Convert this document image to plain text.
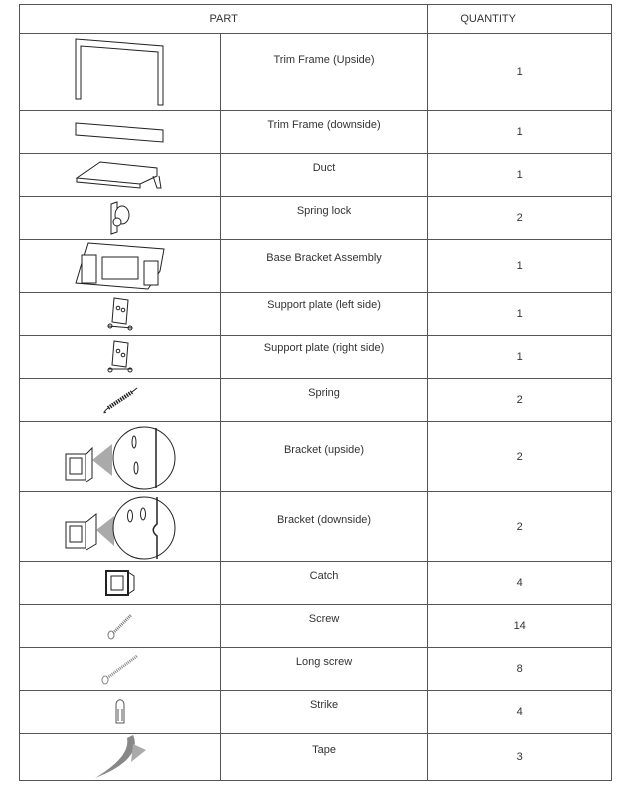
PART		QUANTITY

	Trim Frame (Upside)	1

	Trim Frame (downside)	1

	Duct	1

	Spring lock	2

	Base Bracket Assembly	1

	Support plate (left side)	1

	Support plate (right side)	1

	Spring	2

	Bracket (upside)	2

	Bracket (downside)	2

	Catch	4

	Screw	14

	Long screw	8

	Strike	4

	Tape	3
